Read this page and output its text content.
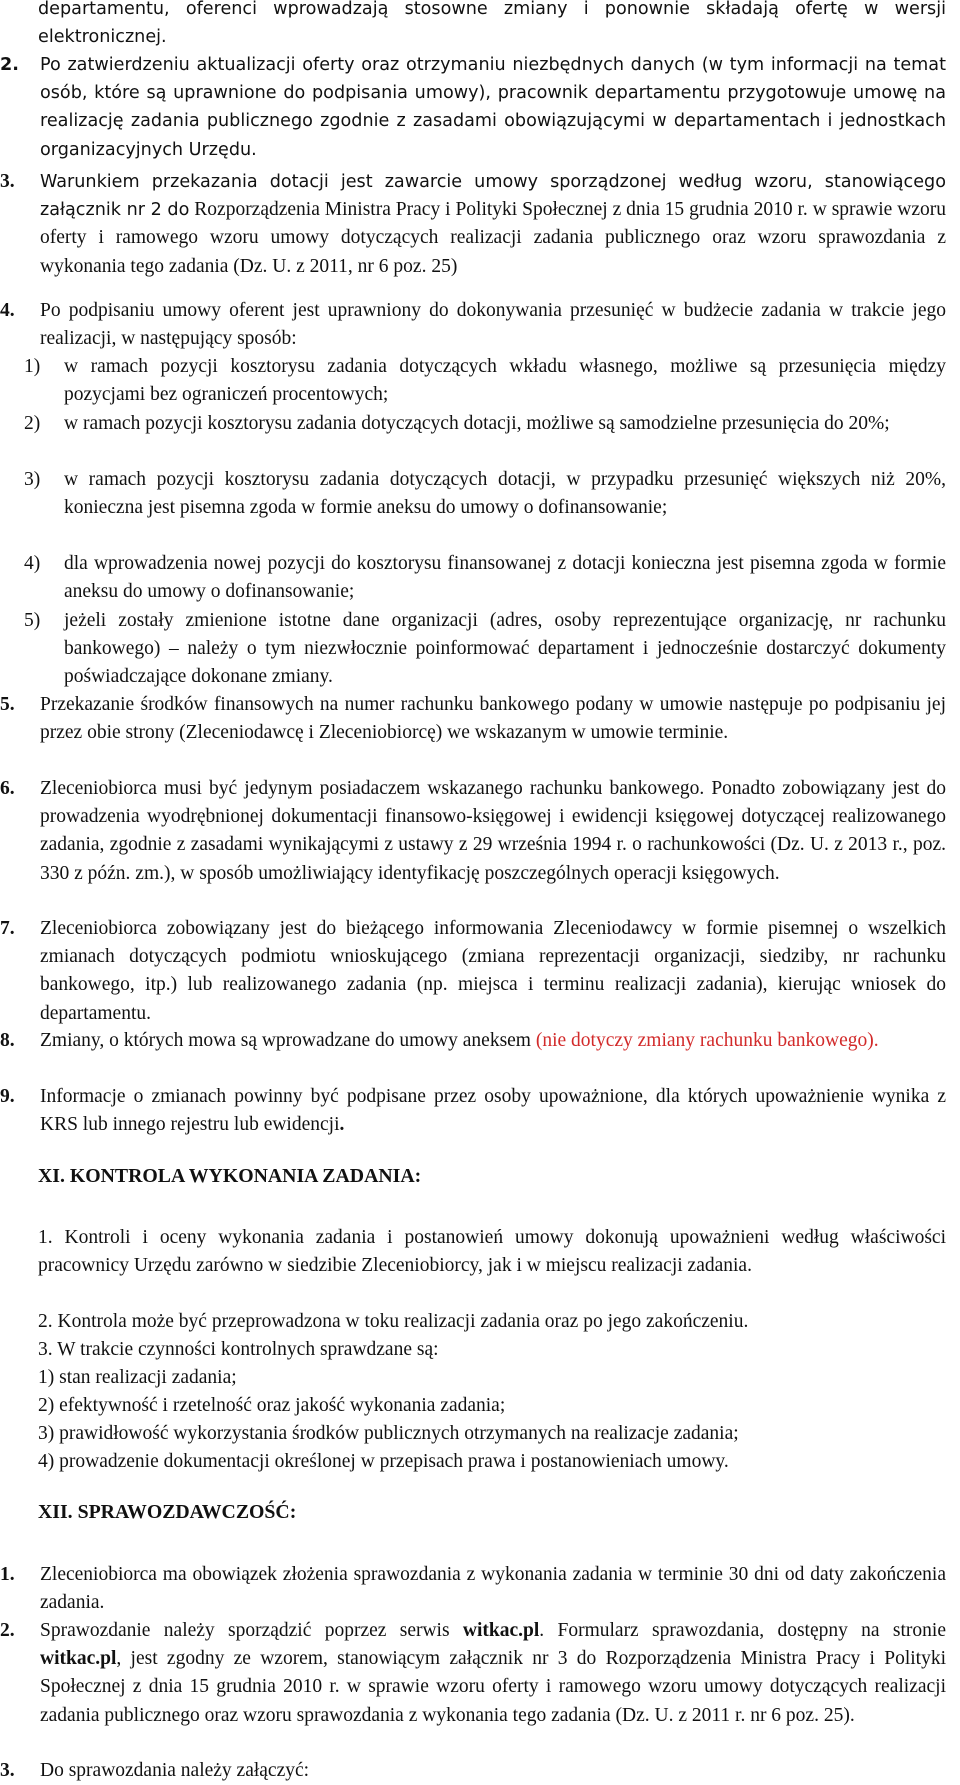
departamentu, oferenci wprowadzają stosowne zmiany i ponownie składają ofertę w wersji elektronicznej.
2. Po zatwierdzeniu aktualizacji oferty oraz otrzymaniu niezbędnych danych (w tym informacji na temat osób, które są uprawnione do podpisania umowy), pracownik departamentu przygotowuje umowę na realizację zadania publicznego zgodnie z zasadami obowiązującymi w departamentach i jednostkach organizacyjnych Urzędu.
3. Warunkiem przekazania dotacji jest zawarcie umowy sporządzonej według wzoru, stanowiącego załącznik nr 2 do Rozporządzenia Ministra Pracy i Polityki Społecznej z dnia 15 grudnia 2010 r. w sprawie wzoru oferty i ramowego wzoru umowy dotyczących realizacji zadania publicznego oraz wzoru sprawozdania z wykonania tego zadania (Dz. U. z 2011, nr 6 poz. 25)
4. Po podpisaniu umowy oferent jest uprawniony do dokonywania przesunięć w budżecie zadania w trakcie jego realizacji, w następujący sposób:
1) w ramach pozycji kosztorysu zadania dotyczących wkładu własnego, możliwe są przesunięcia między pozycjami bez ograniczeń procentowych;
2) w ramach pozycji kosztorysu zadania dotyczących dotacji, możliwe są samodzielne przesunięcia do 20%;
3) w ramach pozycji kosztorysu zadania dotyczących dotacji, w przypadku przesunięć większych niż 20%, konieczna jest pisemna zgoda w formie aneksu do umowy o dofinansowanie;
4) dla wprowadzenia nowej pozycji do kosztorysu finansowanej z dotacji konieczna jest pisemna zgoda w formie aneksu do umowy o dofinansowanie;
5) jeżeli zostały zmienione istotne dane organizacji (adres, osoby reprezentujące organizację, nr rachunku bankowego) – należy o tym niezwłocznie poinformować departament i jednocześnie dostarczyć dokumenty poświadczające dokonane zmiany.
5. Przekazanie środków finansowych na numer rachunku bankowego podany w umowie następuje po podpisaniu jej przez obie strony (Zleceniodawcę i Zleceniobiorcę) we wskazanym w umowie terminie.
6. Zleceniobiorca musi być jedynym posiadaczem wskazanego rachunku bankowego. Ponadto zobowiązany jest do prowadzenia wyodrębnionej dokumentacji finansowo-księgowej i ewidencji księgowej dotyczącej realizowanego zadania, zgodnie z zasadami wynikającymi z ustawy z 29 września 1994 r. o rachunkowości (Dz. U. z 2013 r., poz. 330 z późn. zm.), w sposób umożliwiający identyfikację poszczególnych operacji księgowych.
7. Zleceniobiorca zobowiązany jest do bieżącego informowania Zleceniodawcy w formie pisemnej o wszelkich zmianach dotyczących podmiotu wnioskującego (zmiana reprezentacji organizacji, siedziby, nr rachunku bankowego, itp.) lub realizowanego zadania (np. miejsca i terminu realizacji zadania), kierując wniosek do departamentu.
8. Zmiany, o których mowa są wprowadzane do umowy aneksem (nie dotyczy zmiany rachunku bankowego).
9. Informacje o zmianach powinny być podpisane przez osoby upoważnione, dla których upoważnienie wynika z KRS lub innego rejestru lub ewidencji.
XI. KONTROLA WYKONANIA ZADANIA:
1. Kontroli i oceny wykonania zadania i postanowień umowy dokonują upoważnieni według właściwości pracownicy Urzędu zarówno w siedzibie Zleceniobiorcy, jak i w miejscu realizacji zadania.
2. Kontrola może być przeprowadzona w toku realizacji zadania oraz po jego zakończeniu.
3. W trakcie czynności kontrolnych sprawdzane są:
1) stan realizacji zadania;
2) efektywność i rzetelność oraz jakość wykonania zadania;
3) prawidłowość wykorzystania środków publicznych otrzymanych na realizacje zadania;
4) prowadzenie dokumentacji określonej w przepisach prawa i postanowieniach umowy.
XII. SPRAWOZDAWCZOŚĆ:
1. Zleceniobiorca ma obowiązek złożenia sprawozdania z wykonania zadania w terminie 30 dni od daty zakończenia zadania.
2. Sprawozdanie należy sporządzić poprzez serwis witkac.pl. Formularz sprawozdania, dostępny na stronie witkac.pl, jest zgodny ze wzorem, stanowiącym załącznik nr 3 do Rozporządzenia Ministra Pracy i Polityki Społecznej z dnia 15 grudnia 2010 r. w sprawie wzoru oferty i ramowego wzoru umowy dotyczących realizacji zadania publicznego oraz wzoru sprawozdania z wykonania tego zadania (Dz. U. z 2011 r. nr 6 poz. 25).
3. Do sprawozdania należy załączyć:
